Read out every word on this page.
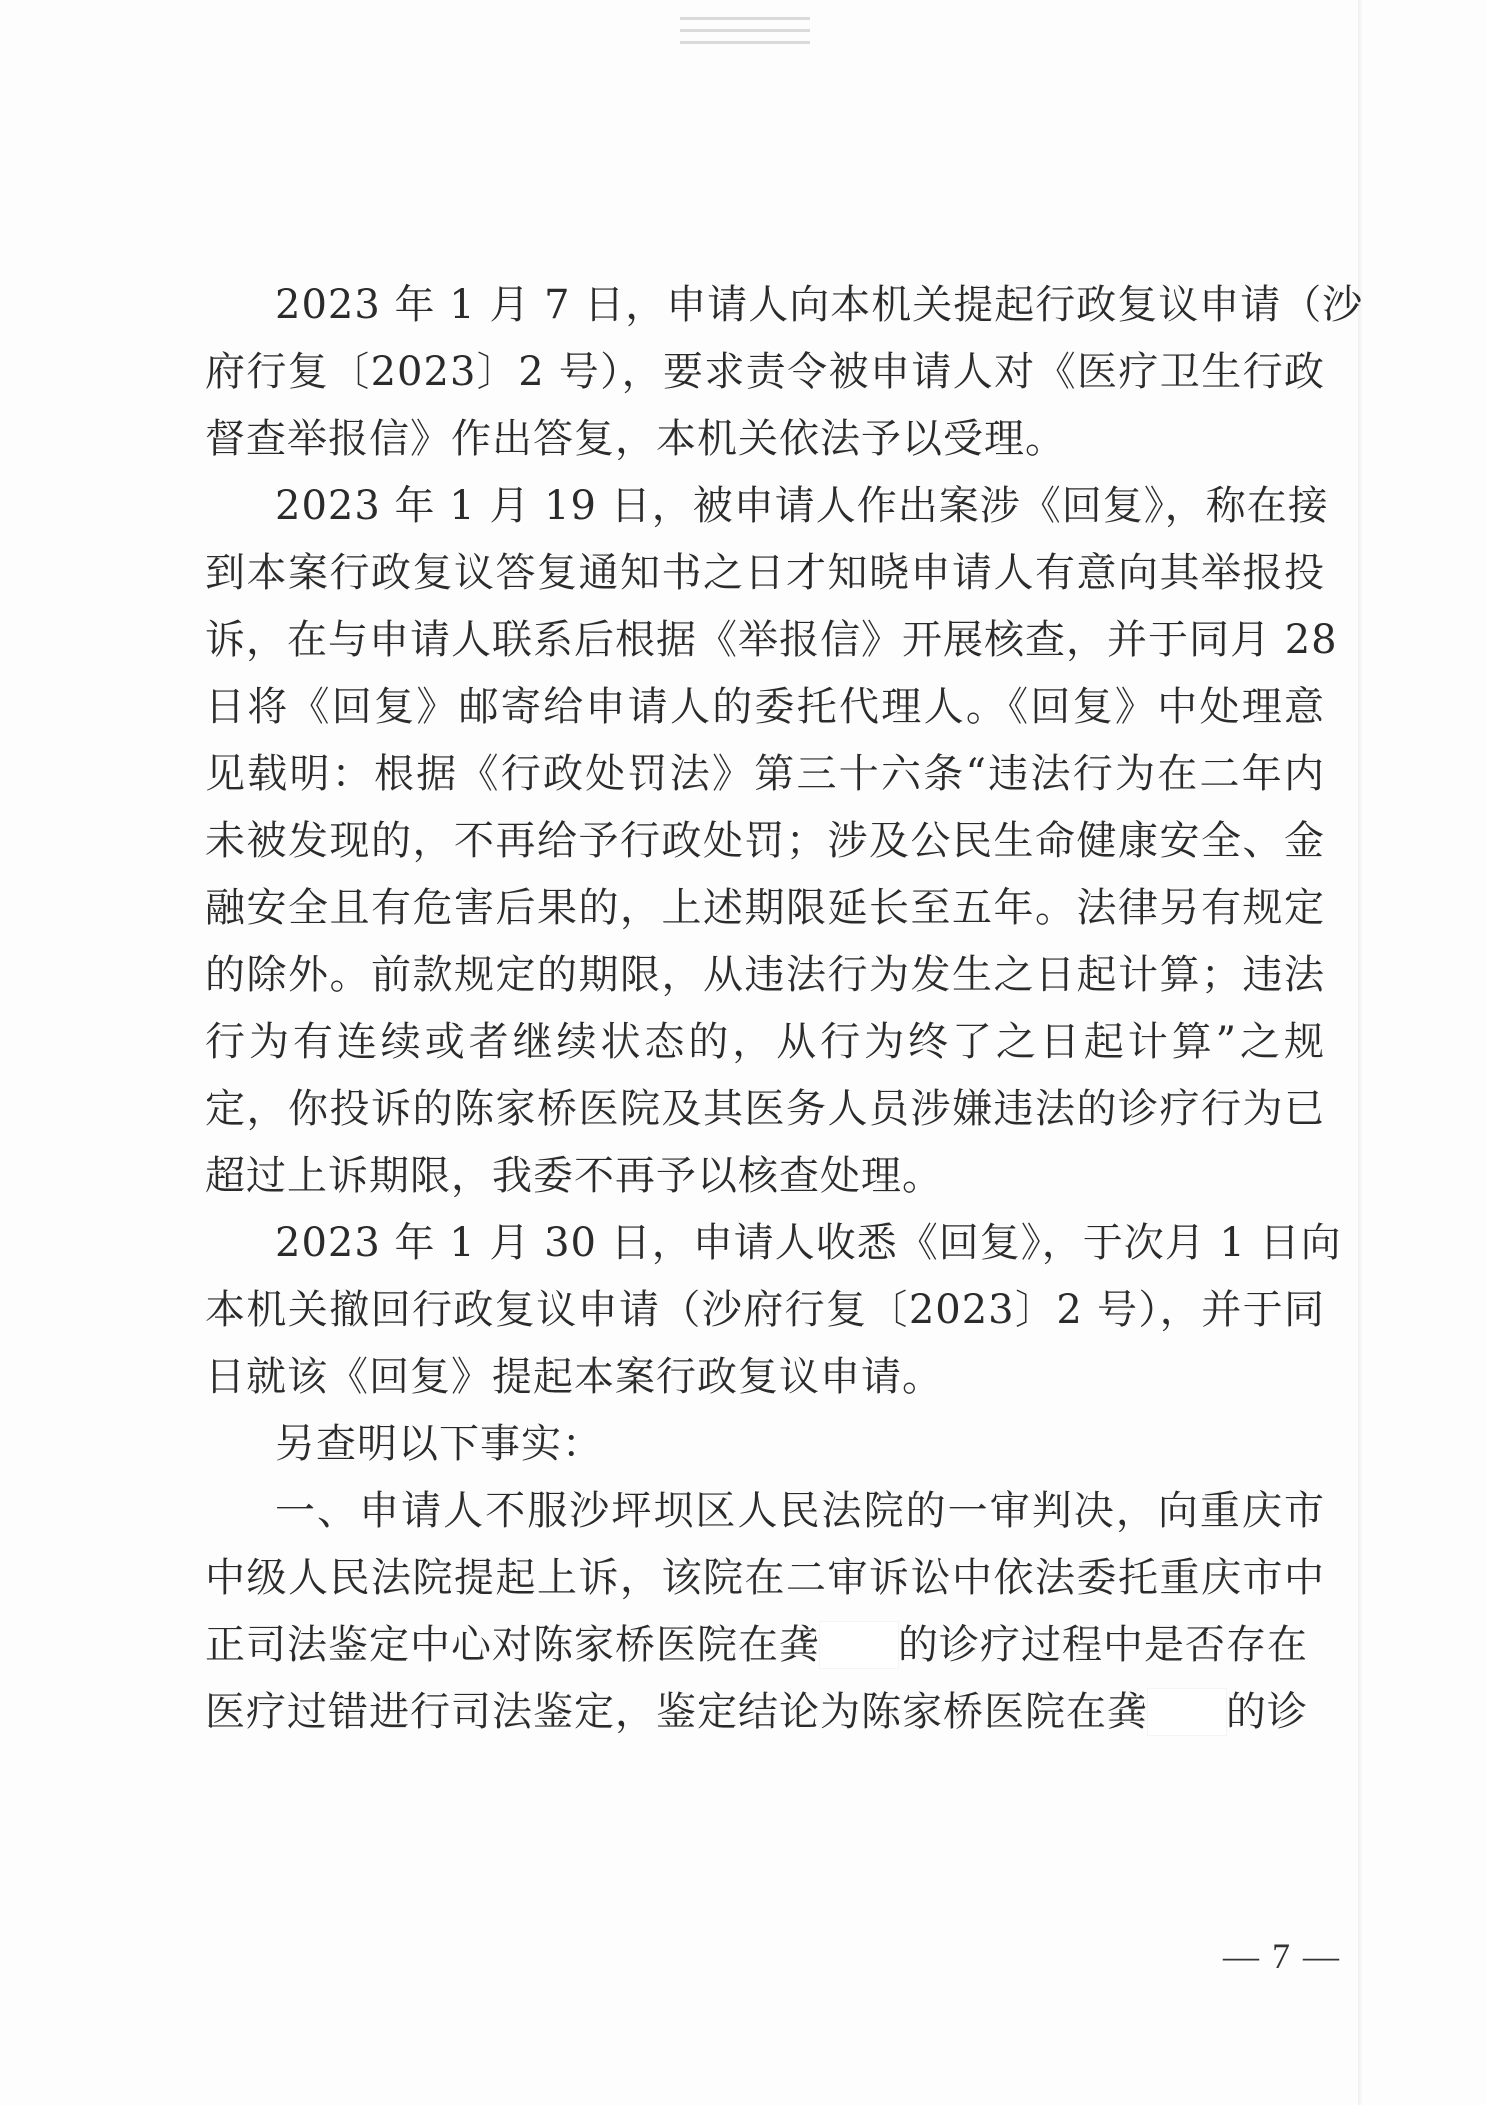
2023 年 1 月 7 日，申请人向本机关提起行政复议申请（沙
府行复〔2023〕2 号），要求责令被申请人对《医疗卫生行政
督查举报信》作出答复，本机关依法予以受理。
2023 年 1 月 19 日，被申请人作出案涉《回复》，称在接
到本案行政复议答复通知书之日才知晓申请人有意向其举报投
诉，在与申请人联系后根据《举报信》开展核查，并于同月 28
日将《回复》邮寄给申请人的委托代理人。《回复》中处理意
见载明：根据《行政处罚法》第三十六条“违法行为在二年内
未被发现的，不再给予行政处罚；涉及公民生命健康安全、金
融安全且有危害后果的，上述期限延长至五年。法律另有规定
的除外。前款规定的期限，从违法行为发生之日起计算；违法
行为有连续或者继续状态的，从行为终了之日起计算”之规
定，你投诉的陈家桥医院及其医务人员涉嫌违法的诊疗行为已
超过上诉期限，我委不再予以核查处理。
2023 年 1 月 30 日，申请人收悉《回复》，于次月 1 日向
本机关撤回行政复议申请（沙府行复〔2023〕2 号），并于同
日就该《回复》提起本案行政复议申请。
另查明以下事实：
一、申请人不服沙坪坝区人民法院的一审判决，向重庆市
中级人民法院提起上诉，该院在二审诉讼中依法委托重庆市中
正司法鉴定中心对陈家桥医院在龚 的诊疗过程中是否存在
医疗过错进行司法鉴定，鉴定结论为陈家桥医院在龚 的诊
— 7 —
